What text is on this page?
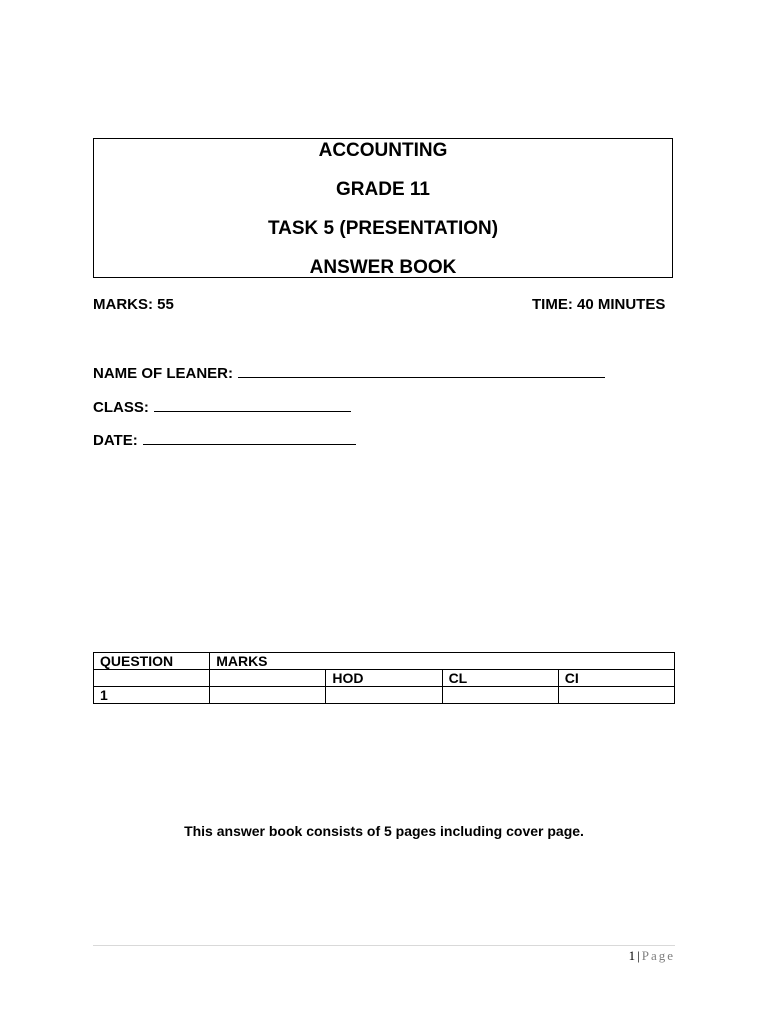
ACCOUNTING
GRADE 11
TASK 5 (PRESENTATION)
ANSWER BOOK
MARKS: 55	TIME: 40 MINUTES
NAME OF LEANER:
CLASS:
DATE:
QUESTION	MARKS			
		HOD	CL	CI
1				
This answer book consists of 5 pages including cover page.
1 | Page
